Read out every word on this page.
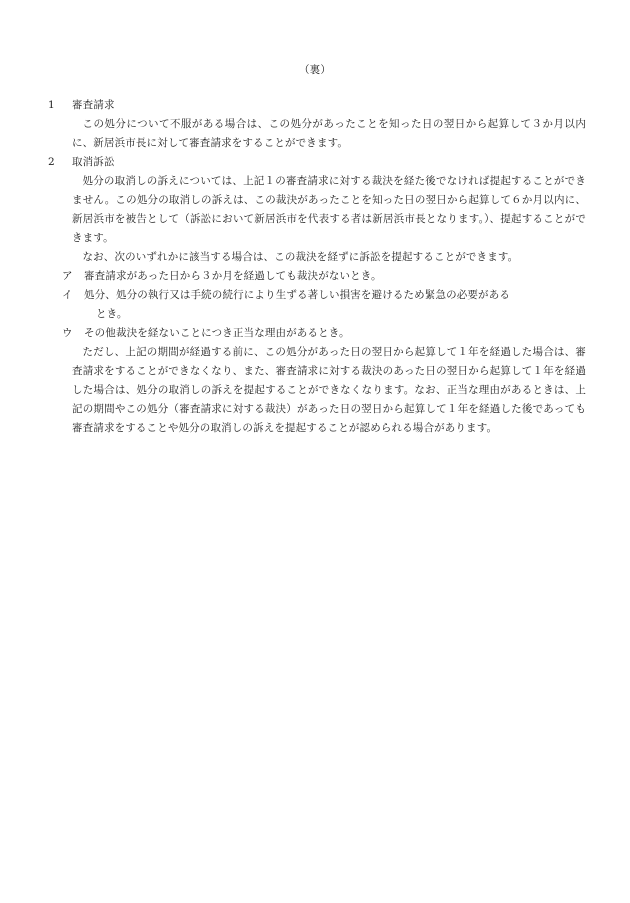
（裏）
1	審査請求

この処分について不服がある場合は、この処分があったことを知った日の翌日から起算して３か月以内に、新居浜市長に対して審査請求をすることができます。

2	取消訴訟

処分の取消しの訴えについては、上記１の審査請求に対する裁決を経た後でなければ提起することができません。この処分の取消しの訴えは、この裁決があったことを知った日の翌日から起算して６か月以内に、新居浜市を被告として（訴訟において新居浜市を代表する者は新居浜市長となります。）、提起することができます。

なお、次のいずれかに該当する場合は、この裁決を経ずに訴訟を提起することができます。

ア	審査請求があった日から３か月を経過しても裁決がないとき。
イ	処分、処分の執行又は手続の続行により生ずる著しい損害を避けるため緊急の必要がある
とき。
ウ	その他裁決を経ないことにつき正当な理由があるとき。

ただし、上記の期間が経過する前に、この処分があった日の翌日から起算して１年を経過した場合は、審査請求をすることができなくなり、また、審査請求に対する裁決のあった日の翌日から起算して１年を経過した場合は、処分の取消しの訴えを提起することができなくなります。なお、正当な理由があるときは、上記の期間やこの処分（審査請求に対する裁決）があった日の翌日から起算して１年を経過した後であっても審査請求をすることや処分の取消しの訴えを提起することが認められる場合があります。
